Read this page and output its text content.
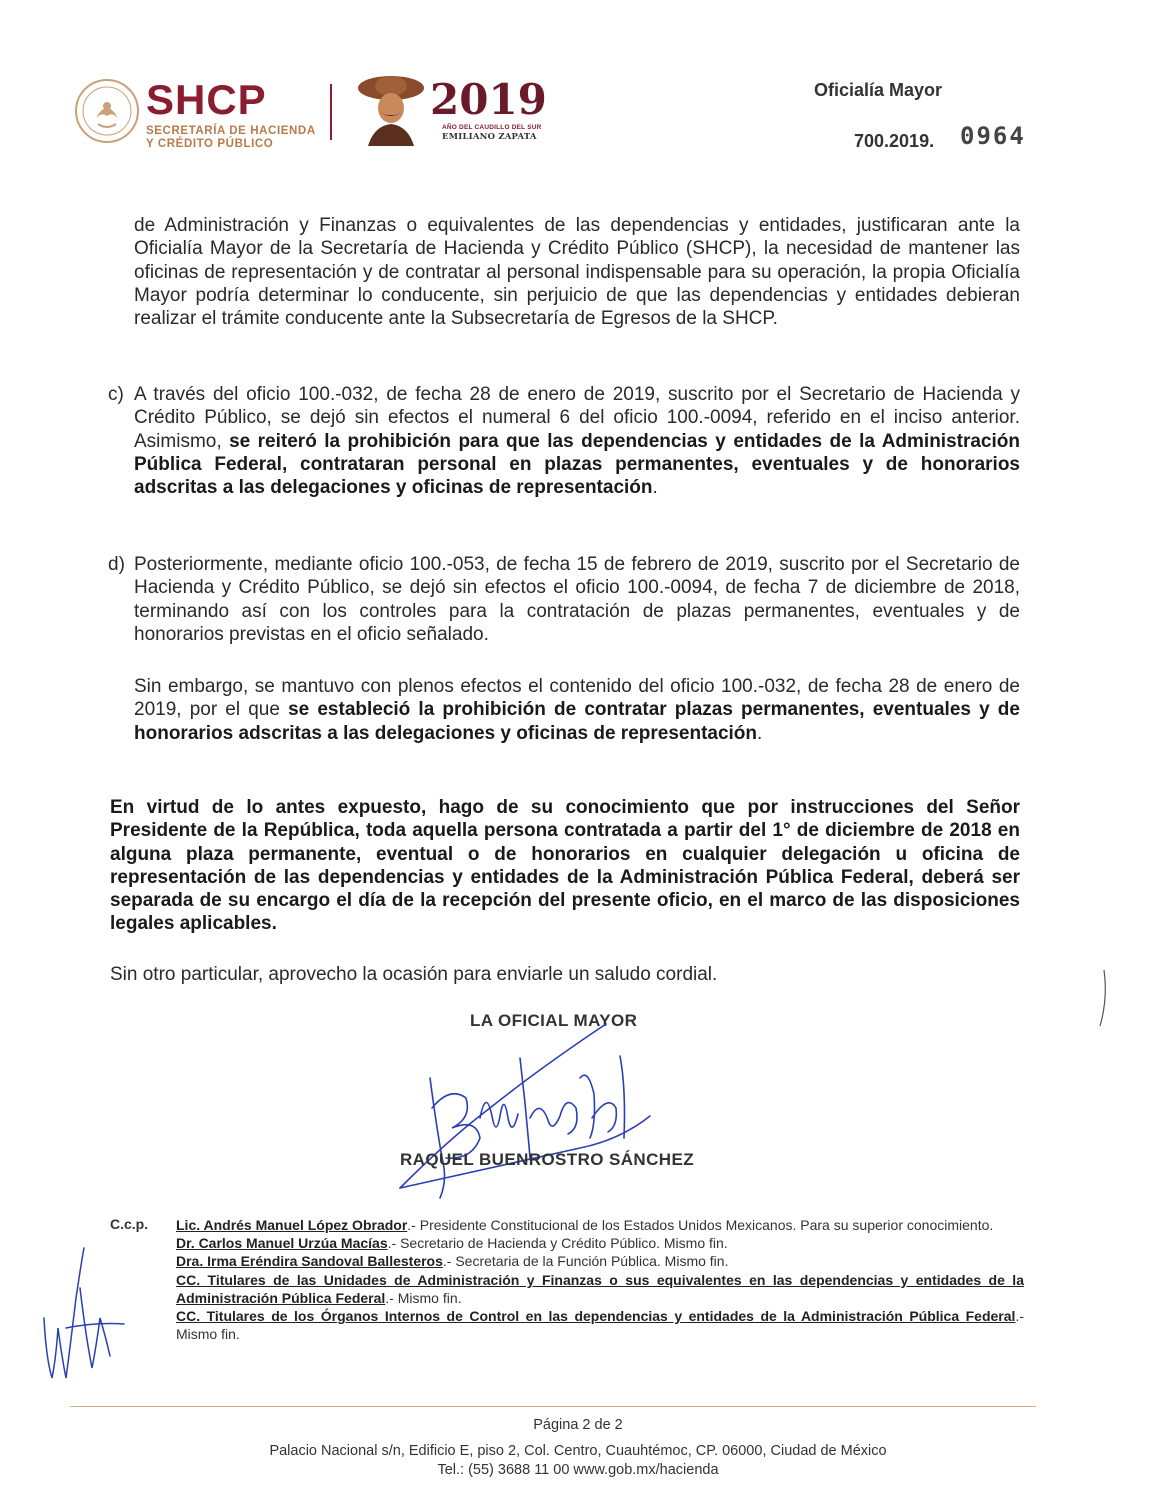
SHCP
SECRETARÍA DE HACIENDA
Y CRÉDITO PÚBLICO
2019
AÑO DEL CAUDILLO DEL SUR
EMILIANO ZAPATA
Oficialía Mayor
700.2019. 0964
de Administración y Finanzas o equivalentes de las dependencias y entidades, justificaran ante la Oficialía Mayor de la Secretaría de Hacienda y Crédito Público (SHCP), la necesidad de mantener las oficinas de representación y de contratar al personal indispensable para su operación, la propia Oficialía Mayor podría determinar lo conducente, sin perjuicio de que las dependencias y entidades debieran realizar el trámite conducente ante la Subsecretaría de Egresos de la SHCP.
c) A través del oficio 100.-032, de fecha 28 de enero de 2019, suscrito por el Secretario de Hacienda y Crédito Público, se dejó sin efectos el numeral 6 del oficio 100.-0094, referido en el inciso anterior. Asimismo, se reiteró la prohibición para que las dependencias y entidades de la Administración Pública Federal, contrataran personal en plazas permanentes, eventuales y de honorarios adscritas a las delegaciones y oficinas de representación.
d) Posteriormente, mediante oficio 100.-053, de fecha 15 de febrero de 2019, suscrito por el Secretario de Hacienda y Crédito Público, se dejó sin efectos el oficio 100.-0094, de fecha 7 de diciembre de 2018, terminando así con los controles para la contratación de plazas permanentes, eventuales y de honorarios previstas en el oficio señalado.
Sin embargo, se mantuvo con plenos efectos el contenido del oficio 100.-032, de fecha 28 de enero de 2019, por el que se estableció la prohibición de contratar plazas permanentes, eventuales y de honorarios adscritas a las delegaciones y oficinas de representación.
En virtud de lo antes expuesto, hago de su conocimiento que por instrucciones del Señor Presidente de la República, toda aquella persona contratada a partir del 1° de diciembre de 2018 en alguna plaza permanente, eventual o de honorarios en cualquier delegación u oficina de representación de las dependencias y entidades de la Administración Pública Federal, deberá ser separada de su encargo el día de la recepción del presente oficio, en el marco de las disposiciones legales aplicables.
Sin otro particular, aprovecho la ocasión para enviarle un saludo cordial.
LA OFICIAL MAYOR
RAQUEL BUENROSTRO SÁNCHEZ
C.c.p. Lic. Andrés Manuel López Obrador.- Presidente Constitucional de los Estados Unidos Mexicanos. Para su superior conocimiento.
Dr. Carlos Manuel Urzúa Macías.- Secretario de Hacienda y Crédito Público. Mismo fin.
Dra. Irma Eréndira Sandoval Ballesteros.- Secretaria de la Función Pública. Mismo fin.
CC. Titulares de las Unidades de Administración y Finanzas o sus equivalentes en las dependencias y entidades de la Administración Pública Federal.- Mismo fin.
CC. Titulares de los Órganos Internos de Control en las dependencias y entidades de la Administración Pública Federal.- Mismo fin.
Página 2 de 2
Palacio Nacional s/n, Edificio E, piso 2, Col. Centro, Cuauhtémoc, CP. 06000, Ciudad de México
Tel.: (55) 3688 11 00 www.gob.mx/hacienda
